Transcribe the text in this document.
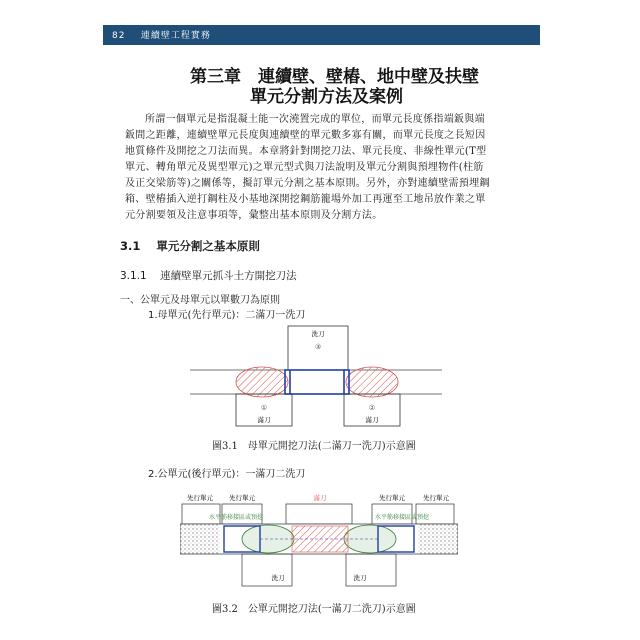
82 連續壁工程實務
第三章　連續壁、壁樁、地中壁及扶壁
單元分割方法及案例
所謂一個單元是指混凝土能一次澆置完成的單位，而單元長度係指端鈑與端
鈑間之距離，連續壁單元長度與連續壁的單元數多寡有關，而單元長度之長短因
地質條件及開挖之刀法而異。本章將針對開挖刀法、單元長度、非線性單元(T型
單元、轉角單元及異型單元)之單元型式與刀法說明及單元分割與預埋物件(柱筋
及正交梁筋等)之關係等，擬訂單元分割之基本原則。另外，亦對連續壁需預埋鋼
箱、壁樁插入逆打鋼柱及小基地深開挖鋼筋籠場外加工再運至工地吊放作業之單
元分割要領及注意事項等，彙整出基本原則及分割方法。
3.1 單元分割之基本原則
3.1.1 連續壁單元抓斗土方開挖刀法
一、公單元及母單元以單數刀為原則
1.母單元(先行單元)：二滿刀一洗刀
洗刀
③
①
滿刀
②
滿刀
圖3.1　母單元開挖刀法(二滿刀一洗刀)示意圖
2.公單元(後行單元)：一滿刀二洗刀
先行單元 先行單元	滿刀	先行單元	先行單元
水平筋移接區或預挖	水平筋移接區或預挖
洗刀	洗刀
圖3.2　公單元開挖刀法(一滿刀二洗刀)示意圖
